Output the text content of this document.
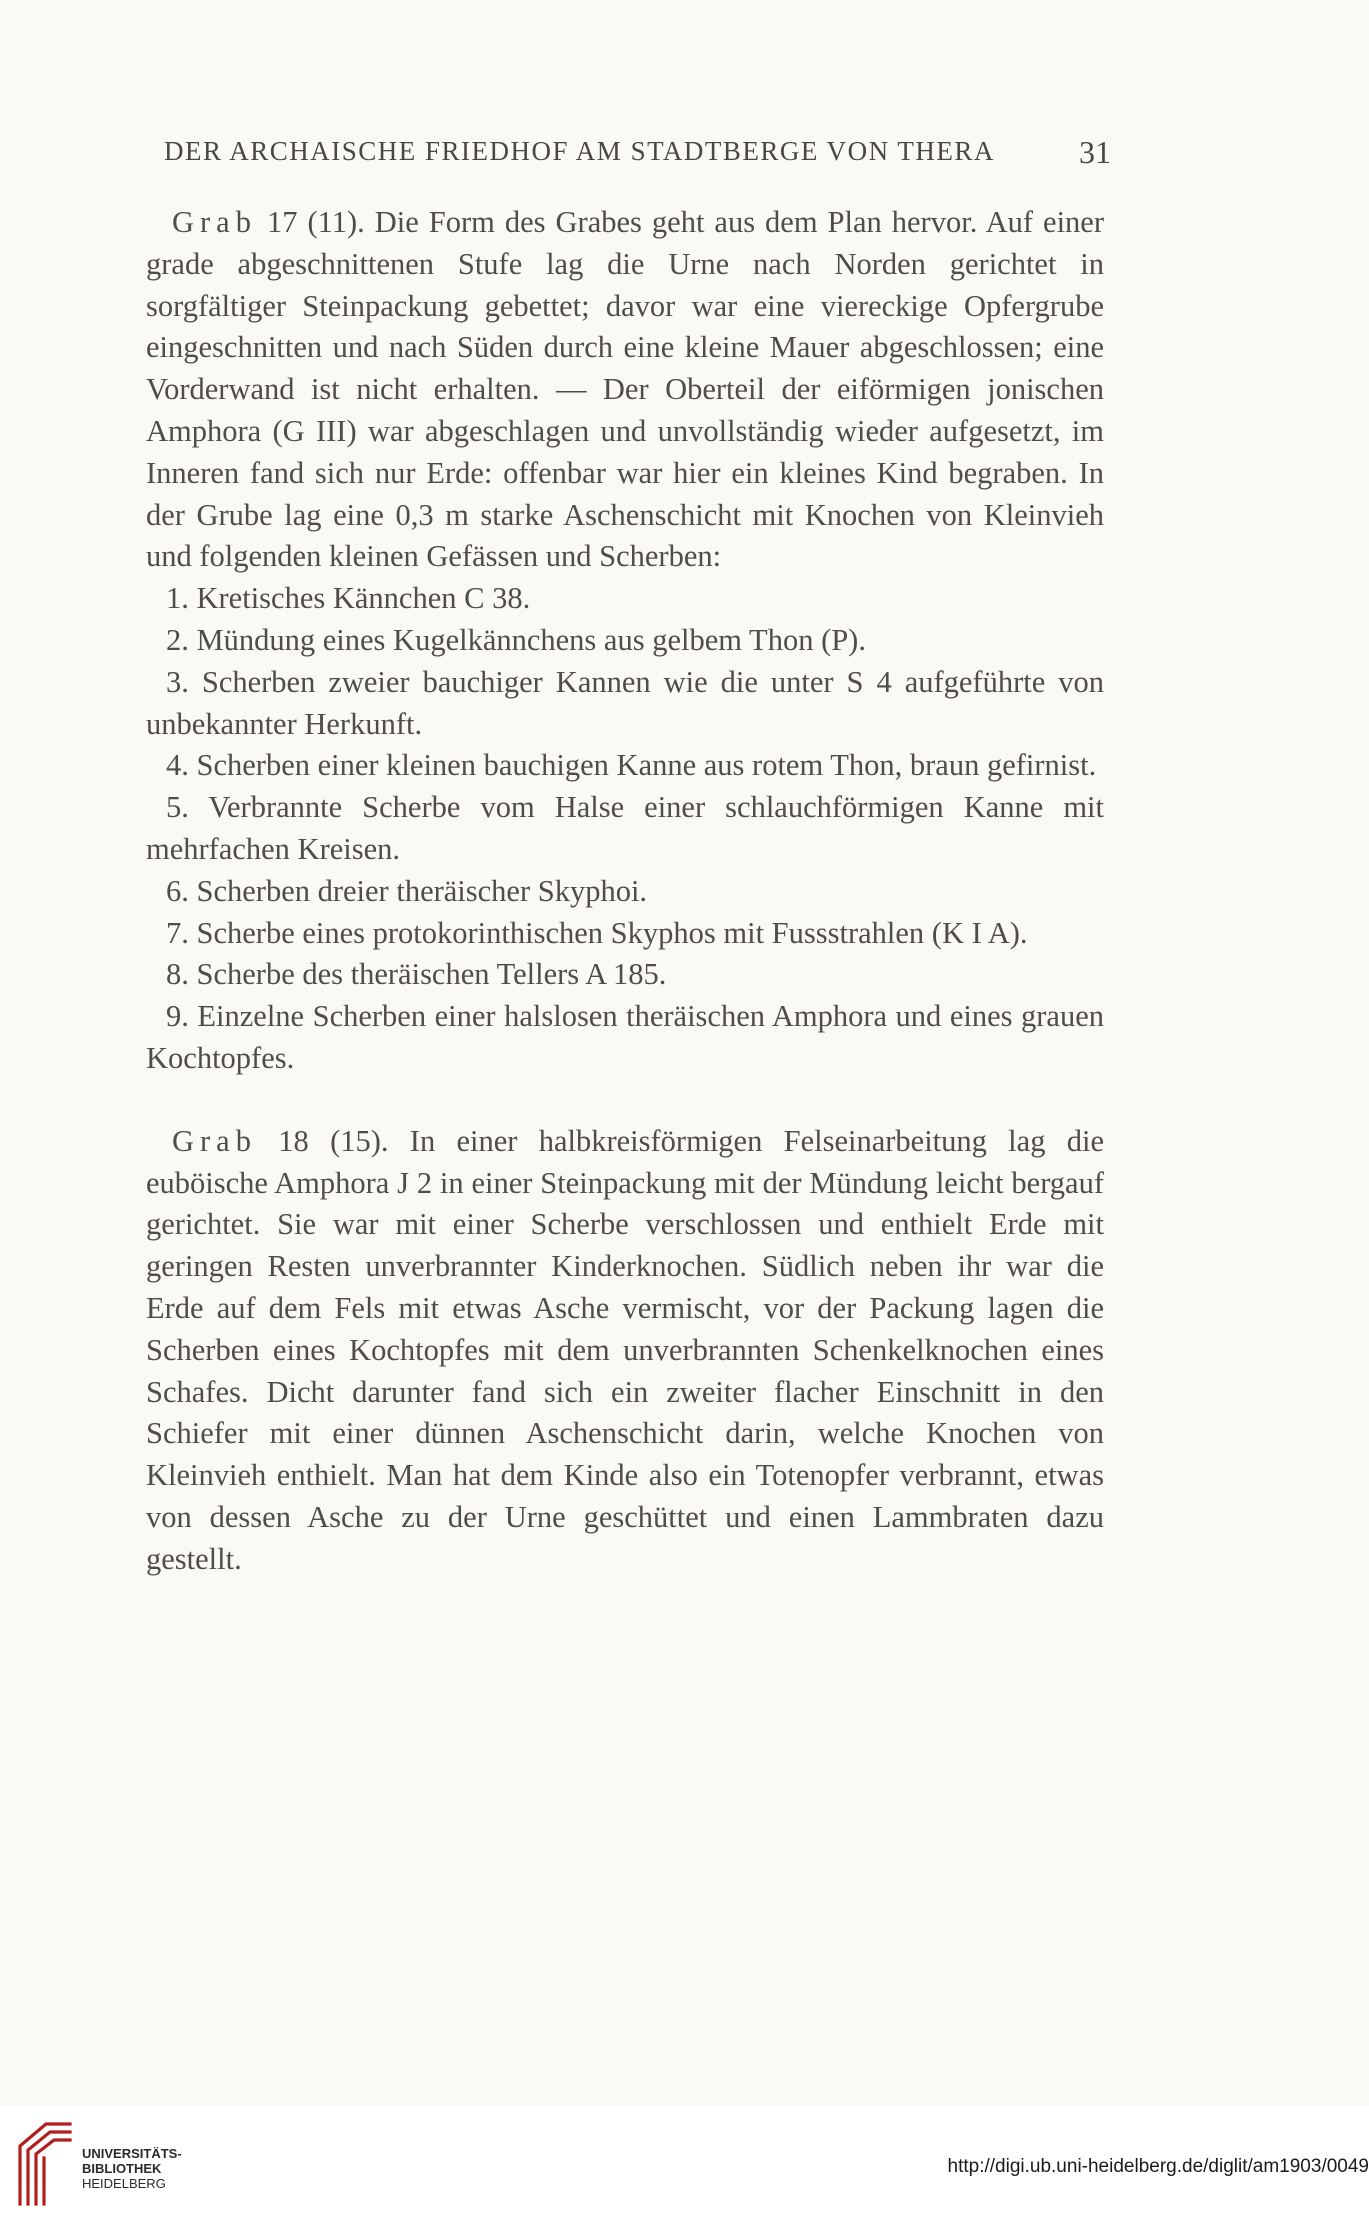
DER ARCHAISCHE FRIEDHOF AM STADTBERGE VON THERA	31

Grab 17 (11). Die Form des Grabes geht aus dem Plan hervor. Auf einer grade abgeschnittenen Stufe lag die Urne nach Norden gerichtet in sorgfältiger Steinpackung gebettet; davor war eine viereckige Opfergrube eingeschnitten und nach Süden durch eine kleine Mauer abgeschlossen; eine Vorderwand ist nicht erhalten. — Der Oberteil der eiförmigen jonischen Amphora (G III) war abgeschlagen und unvollständig wieder aufgesetzt, im Inneren fand sich nur Erde: offenbar war hier ein kleines Kind begraben. In der Grube lag eine 0,3 m starke Aschenschicht mit Knochen von Kleinvieh und folgenden kleinen Gefässen und Scherben:

1. Kretisches Kännchen C 38.
2. Mündung eines Kugelkännchens aus gelbem Thon (P).
3. Scherben zweier bauchiger Kannen wie die unter S 4 aufgeführte von unbekannter Herkunft.
4. Scherben einer kleinen bauchigen Kanne aus rotem Thon, braun gefirnist.
5. Verbrannte Scherbe vom Halse einer schlauchförmigen Kanne mit mehrfachen Kreisen.
6. Scherben dreier theräischer Skyphoi.
7. Scherbe eines protokorinthischen Skyphos mit Fussstrahlen (K I A).
8. Scherbe des theräischen Tellers A 185.
9. Einzelne Scherben einer halslosen theräischen Amphora und eines grauen Kochtopfes.

Grab 18 (15). In einer halbkreisförmigen Felseinarbeitung lag die euböische Amphora J 2 in einer Steinpackung mit der Mündung leicht bergauf gerichtet. Sie war mit einer Scherbe verschlossen und enthielt Erde mit geringen Resten unverbrannter Kinderknochen. Südlich neben ihr war die Erde auf dem Fels mit etwas Asche vermischt, vor der Packung lagen die Scherben eines Kochtopfes mit dem unverbrannten Schenkelknochen eines Schafes. Dicht darunter fand sich ein zweiter flacher Einschnitt in den Schiefer mit einer dünnen Aschenschicht darin, welche Knochen von Kleinvieh enthielt. Man hat dem Kinde also ein Totenopfer verbrannt, etwas von dessen Asche zu der Urne geschüttet und einen Lammbraten dazu gestellt.

UNIVERSITÄTS-
BIBLIOTHEK
HEIDELBERG
http://digi.ub.uni-heidelberg.de/diglit/am1903/0049
